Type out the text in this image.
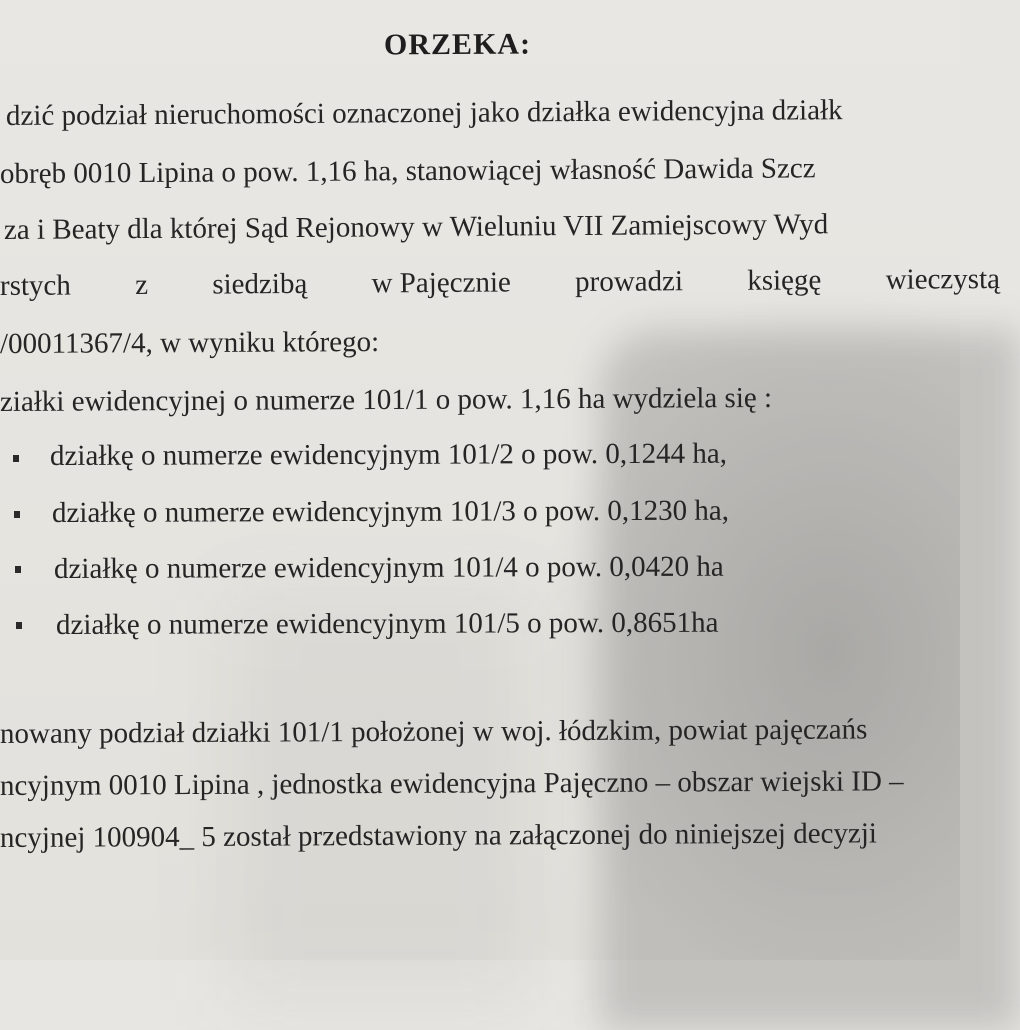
ORZEKA:
dzić podział nieruchomości oznaczonej jako działka ewidencyjna działk
obręb 0010 Lipina o pow. 1,16 ha, stanowiącej własność Dawida Szcz
za i Beaty dla której Sąd Rejonowy w Wieluniu VII Zamiejscowy Wyd
rstych z siedzibą w Pajęcznie prowadzi księgę wieczystą
/00011367/4, w wyniku którego:
ziałki ewidencyjnej o numerze 101/1 o pow. 1,16 ha wydziela się :
działkę o numerze ewidencyjnym 101/2 o pow. 0,1244 ha,
działkę o numerze ewidencyjnym 101/3 o pow. 0,1230 ha,
działkę o numerze ewidencyjnym 101/4 o pow. 0,0420 ha
działkę o numerze ewidencyjnym 101/5 o pow. 0,8651ha
nowany podział działki 101/1 położonej w woj. łódzkim, powiat pajęczańs
ncyjnym 0010 Lipina , jednostka ewidencyjna Pajęczno – obszar wiejski ID –
ncyjnej 100904_ 5 został przedstawiony na załączonej do niniejszej decyzji
